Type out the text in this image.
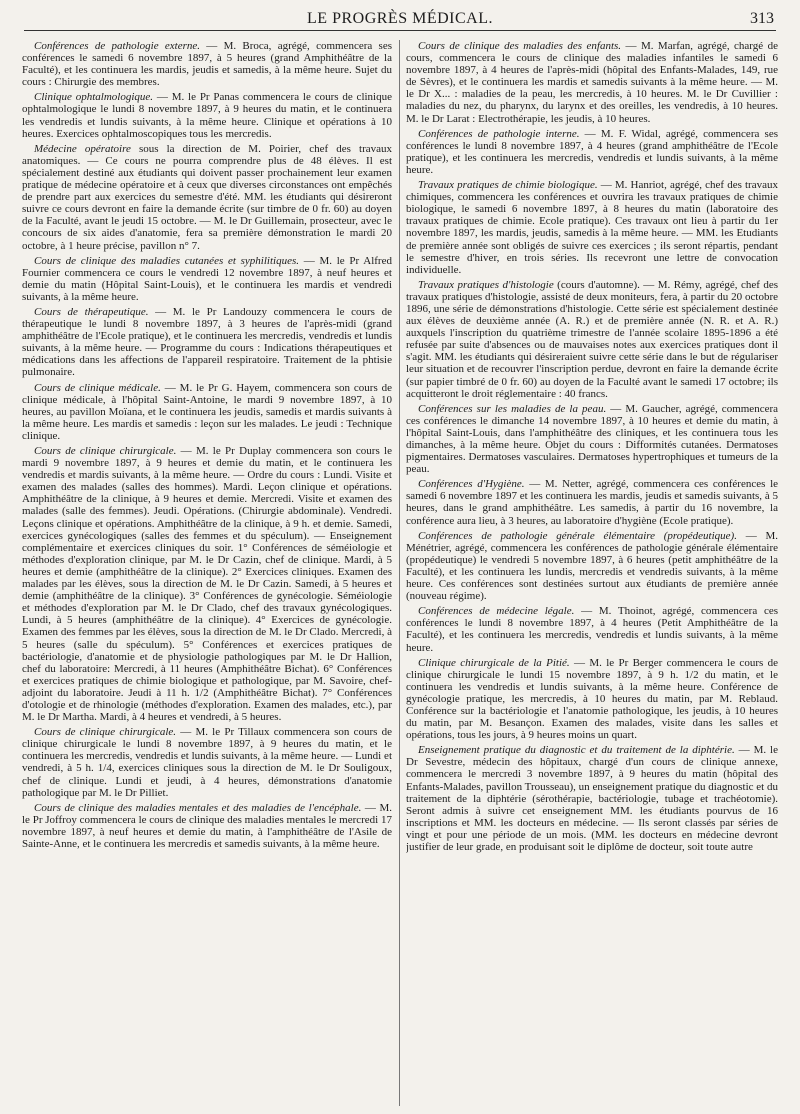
LE PROGRÈS MÉDICAL.	313

Conférences de pathologie externe. — M. Broca, agrégé, commencera ses conférences le samedi 6 novembre 1897, à 5 heures (grand Amphithéâtre de la Faculté), et les continuera les mardis, jeudis et samedis, à la même heure. Sujet du cours : Chirurgie des membres.

Clinique ophtalmologique. — M. le Pr Panas commencera le cours de clinique ophtalmologique le lundi 8 novembre 1897, à 9 heures du matin, et le continuera les vendredis et lundis suivants, à la même heure. Clinique et opérations à 10 heures. Exercices ophtalmoscopiques tous les mercredis.

Médecine opératoire sous la direction de M. Poirier, chef des travaux anatomiques. — Ce cours ne pourra comprendre plus de 48 élèves. Il est spécialement destiné aux étudiants qui doivent passer prochainement leur examen pratique de médecine opératoire et à ceux que diverses circonstances ont empêchés de prendre part aux exercices du semestre d'été. MM. les étudiants qui désireront suivre ce cours devront en faire la demande écrite (sur timbre de 0 fr. 60) au doyen de la Faculté, avant le jeudi 15 octobre. — M. le Dr Guillemain, prosecteur, avec le concours de six aides d'anatomie, fera sa première démonstration le mardi 20 octobre, à 1 heure précise, pavillon n° 7.

Cours de clinique des maladies cutanées et syphilitiques. — M. le Pr Alfred Fournier commencera ce cours le vendredi 12 novembre 1897, à neuf heures et demie du matin (Hôpital Saint-Louis), et le continuera les mardis et vendredi suivants, à la même heure.

Cours de thérapeutique. — M. le Pr Landouzy commencera le cours de thérapeutique le lundi 8 novembre 1897, à 3 heures de l'après-midi (grand amphithéâtre de l'Ecole pratique), et le continuera les mercredis, vendredis et lundis suivants, à la même heure. — Programme du cours : Indications thérapeutiques et médications dans les affections de l'appareil respiratoire. Traitement de la phtisie pulmonaire.

Cours de clinique médicale. — M. le Pr G. Hayem, commencera son cours de clinique médicale, à l'hôpital Saint-Antoine, le mardi 9 novembre 1897, à 10 heures, au pavillon Moïana, et le continuera les jeudis, samedis et mardis suivants à la même heure. Les mardis et samedis : leçon sur les malades. Le jeudi : Technique clinique.

Cours de clinique chirurgicale. — M. le Pr Duplay commencera son cours le mardi 9 novembre 1897, à 9 heures et demie du matin, et le continuera les vendredis et mardis suivants, à la même heure. — Ordre du cours : Lundi. Visite et examen des malades (salles des hommes). Mardi. Leçon clinique et opérations. Amphithéâtre de la clinique, à 9 heures et demie. Mercredi. Visite et examen des malades (salle des femmes). Jeudi. Opérations. (Chirurgie abdominale). Vendredi. Leçons clinique et opérations. Amphithéâtre de la clinique, à 9 h. et demie. Samedi, exercices gynécologiques (salles des femmes et du spéculum). — Enseignement complémentaire et exercices cliniques du soir. 1° Conférences de séméiologie et méthodes d'exploration clinique, par M. le Dr Cazin, chef de clinique. Mardi, à 5 heures et demie (amphithéâtre de la clinique). 2° Exercices cliniques. Examen des malades par les élèves, sous la direction de M. le Dr Cazin. Samedi, à 5 heures et demie (amphithéâtre de la clinique). 3° Conférences de gynécologie. Séméiologie et méthodes d'exploration par M. le Dr Clado, chef des travaux gynécologiques. Lundi, à 5 heures (amphithéâtre de la clinique). 4° Exercices de gynécologie. Examen des femmes par les élèves, sous la direction de M. le Dr Clado. Mercredi, à 5 heures (salle du spéculum). 5° Conférences et exercices pratiques de bactériologie, d'anatomie et de physiologie pathologiques par M. le Dr Hallion, chef du laboratoire: Mercredi, à 11 heures (Amphithéâtre Bichat). 6° Conférences et exercices pratiques de chimie biologique et pathologique, par M. Savoire, chef-adjoint du laboratoire. Jeudi à 11 h. 1/2 (Amphithéâtre Bichat). 7° Conférences d'otologie et de rhinologie (méthodes d'exploration. Examen des malades, etc.), par M. le Dr Martha. Mardi, à 4 heures et vendredi, à 5 heures.

Cours de clinique chirurgicale. — M. le Pr Tillaux commencera son cours de clinique chirurgicale le lundi 8 novembre 1897, à 9 heures du matin, et le continuera les mercredis, vendredis et lundis suivants, à la même heure. — Lundi et vendredi, à 5 h. 1/4, exercices cliniques sous la direction de M. le Dr Souligoux, chef de clinique. Lundi et jeudi, à 4 heures, démonstrations d'anatomie pathologique par M. le Dr Pilliet.

Cours de clinique des maladies mentales et des maladies de l'encéphale. — M. le Pr Joffroy commencera le cours de clinique des maladies mentales le mercredi 17 novembre 1897, à neuf heures et demie du matin, à l'amphithéâtre de l'Asile de Sainte-Anne, et le continuera les mercredis et samedis suivants, à la même heure.

Cours de clinique des maladies des enfants. — M. Marfan, agrégé, chargé de cours, commencera le cours de clinique des maladies infantiles le samedi 6 novembre 1897, à 4 heures de l'après-midi (hôpital des Enfants-Malades, 149, rue de Sèvres), et le continuera les mardis et samedis suivants à la même heure. — M. le Dr X... : maladies de la peau, les mercredis, à 10 heures. M. le Dr Cuvillier : maladies du nez, du pharynx, du larynx et des oreilles, les vendredis, à 10 heures. M. le Dr Larat : Electrothérapie, les jeudis, à 10 heures.

Conférences de pathologie interne. — M. F. Widal, agrégé, commencera ses conférences le lundi 8 novembre 1897, à 4 heures (grand amphithéâtre de l'Ecole pratique), et les continuera les mercredis, vendredis et lundis suivants, à la même heure.

Travaux pratiques de chimie biologique. — M. Hanriot, agrégé, chef des travaux chimiques, commencera les conférences et ouvrira les travaux pratiques de chimie biologique, le samedi 6 novembre 1897, à 8 heures du matin (laboratoire des travaux pratiques de chimie. Ecole pratique). Ces travaux ont lieu à partir du 1er novembre 1897, les mardis, jeudis, samedis à la même heure. — MM. les Etudiants de première année sont obligés de suivre ces exercices ; ils seront répartis, pendant le semestre d'hiver, en trois séries. Ils recevront une lettre de convocation individuelle.

Travaux pratiques d'histologie (cours d'automne). — M. Rémy, agrégé, chef des travaux pratiques d'histologie, assisté de deux moniteurs, fera, à partir du 20 octobre 1896, une série de démonstrations d'histologie. Cette série est spécialement destinée aux élèves de deuxième année (A. R.) et de première année (N. R. et A. R.) auxquels l'inscription du quatrième trimestre de l'année scolaire 1895-1896 a été refusée par suite d'absences ou de mauvaises notes aux exercices pratiques dont il s'agit. MM. les étudiants qui désireraient suivre cette série dans le but de régulariser leur situation et de recouvrer l'inscription perdue, devront en faire la demande écrite (sur papier timbré de 0 fr. 60) au doyen de la Faculté avant le samedi 17 octobre; ils acquitteront le droit réglementaire : 40 francs.

Conférences sur les maladies de la peau. — M. Gaucher, agrégé, commencera ces conférences le dimanche 14 novembre 1897, à 10 heures et demie du matin, à l'hôpital Saint-Louis, dans l'amphithéâtre des cliniques, et les continuera tous les dimanches, à la même heure. Objet du cours : Difformités cutanées. Dermatoses pigmentaires. Dermatoses vasculaires. Dermatoses hypertrophiques et tumeurs de la peau.

Conférences d'Hygiène. — M. Netter, agrégé, commencera ces conférences le samedi 6 novembre 1897 et les continuera les mardis, jeudis et samedis suivants, à 5 heures, dans le grand amphithéâtre. Les samedis, à partir du 16 novembre, la conférence aura lieu, à 3 heures, au laboratoire d'hygiène (Ecole pratique).

Conférences de pathologie générale élémentaire (propédeutique). — M. Ménétrier, agrégé, commencera les conférences de pathologie générale élémentaire (propédeutique) le vendredi 5 novembre 1897, à 6 heures (petit amphithéâtre de la Faculté), et les continuera les lundis, mercredis et vendredis suivants, à la même heure. Ces conférences sont destinées surtout aux étudiants de première année (nouveau régime).

Conférences de médecine légale. — M. Thoinot, agrégé, commencera ces conférences le lundi 8 novembre 1897, à 4 heures (Petit Amphithéâtre de la Faculté), et les continuera les mercredis, vendredis et lundis suivants, à la même heure.

Clinique chirurgicale de la Pitié. — M. le Pr Berger commencera le cours de clinique chirurgicale le lundi 15 novembre 1897, à 9 h. 1/2 du matin, et le continuera les vendredis et lundis suivants, à la même heure. Conférence de gynécologie pratique, les mercredis, à 10 heures du matin, par M. Reblaud. Conférence sur la bactériologie et l'anatomie pathologique, les jeudis, à 10 heures du matin, par M. Besançon. Examen des malades, visite dans les salles et opérations, tous les jours, à 9 heures moins un quart.

Enseignement pratique du diagnostic et du traitement de la diphtérie. — M. le Dr Sevestre, médecin des hôpitaux, chargé d'un cours de clinique annexe, commencera le mercredi 3 novembre 1897, à 9 heures du matin (hôpital des Enfants-Malades, pavillon Trousseau), un enseignement pratique du diagnostic et du traitement de la diphtérie (sérothérapie, bactériologie, tubage et trachéotomie). Seront admis à suivre cet enseignement MM. les étudiants pourvus de 16 inscriptions et MM. les docteurs en médecine. — Ils seront classés par séries de vingt et pour une période de un mois. (MM. les docteurs en médecine devront justifier de leur grade, en produisant soit le diplôme de docteur, soit toute autre
